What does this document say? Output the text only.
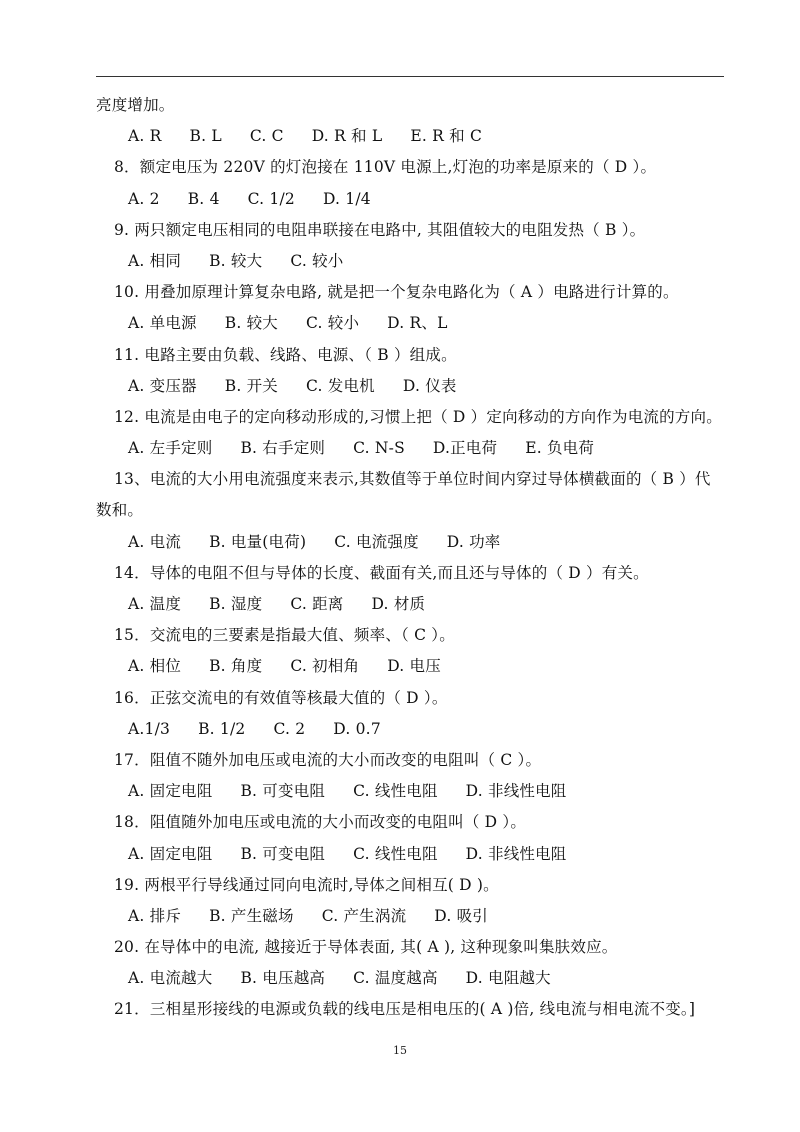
亮度增加。
A. R B. L C. C D. R 和 L E. R 和 C
8．额定电压为 220V 的灯泡接在 110V 电源上,灯泡的功率是原来的（ D ）。
A. 2 B. 4 C. 1/2 D. 1/4
9. 两只额定电压相同的电阻串联接在电路中, 其阻值较大的电阻发热（ B ）。
A. 相同 B. 较大 C. 较小
10. 用叠加原理计算复杂电路, 就是把一个复杂电路化为（ A ）电路进行计算的。
A. 单电源 B. 较大 C. 较小 D. R、L
11. 电路主要由负载、线路、电源、（ B ）组成。
A. 变压器 B. 开关 C. 发电机 D. 仪表
12. 电流是由电子的定向移动形成的,习惯上把（ D ）定向移动的方向作为电流的方向。
A. 左手定则 B. 右手定则 C. N-S D.正电荷 E. 负电荷
13、电流的大小用电流强度来表示,其数值等于单位时间内穿过导体横截面的（ B ）代
数和。
A. 电流 B. 电量(电荷) C. 电流强度 D. 功率
14．导体的电阻不但与导体的长度、截面有关,而且还与导体的（ D ）有关。
A. 温度 B. 湿度 C. 距离 D. 材质
15．交流电的三要素是指最大值、频率、（ C ）。
A. 相位 B. 角度 C. 初相角 D. 电压
16．正弦交流电的有效值等核最大值的（ D ）。
A.1/3 B. 1/2 C. 2 D. 0.7
17．阻值不随外加电压或电流的大小而改变的电阻叫（ C ）。
A. 固定电阻 B. 可变电阻 C. 线性电阻 D. 非线性电阻
18．阻值随外加电压或电流的大小而改变的电阻叫（ D ）。
A. 固定电阻 B. 可变电阻 C. 线性电阻 D. 非线性电阻
19. 两根平行导线通过同向电流时,导体之间相互( D )。
A. 排斥 B. 产生磁场 C. 产生涡流 D. 吸引
20. 在导体中的电流, 越接近于导体表面, 其( A ), 这种现象叫集肤效应。
A. 电流越大 B. 电压越高 C. 温度越高 D. 电阻越大
21．三相星形接线的电源或负载的线电压是相电压的( A )倍, 线电流与相电流不变。]
15
